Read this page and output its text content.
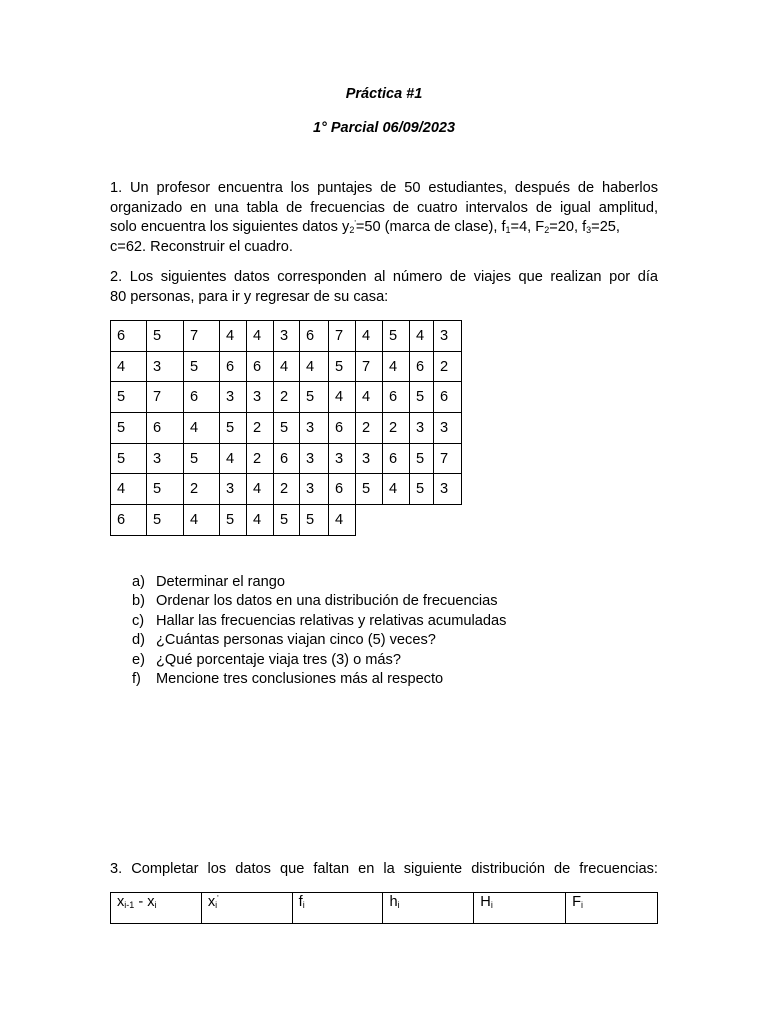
Práctica #1
1° Parcial 06/09/2023
1. Un profesor encuentra los puntajes de 50 estudiantes, después de haberlos
organizado en una tabla de frecuencias de cuatro intervalos de igual amplitud,
solo encuentra los siguientes datos $y_2'=50$ (marca de clase), $f_1=4$, $F_2=20$, $f_3=25$,
c=62. Reconstruir el cuadro.
2. Los siguientes datos corresponden al número de viajes que realizan por día
80 personas, para ir y regresar de su casa:
6	5	7	4	4	3	6	7	4	5	4	3
4	3	5	6	6	4	4	5	7	4	6	2
5	7	6	3	3	2	5	4	4	6	5	6
5	6	4	5	2	5	3	6	2	2	3	3
5	3	5	4	2	6	3	3	3	6	5	7
4	5	2	3	4	2	3	6	5	4	5	3
6	5	4	5	4	5	5	4				
a) Determinar el rango
b) Ordenar los datos en una distribución de frecuencias
c) Hallar las frecuencias relativas y relativas acumuladas
d) ¿Cuántas personas viajan cinco (5) veces?
e) ¿Qué porcentaje viaja tres (3) o más?
f)	Mencione tres conclusiones más al respecto
3. Completar los datos que faltan en la siguiente distribución de frecuencias:
$x_{i-1} - x_i$	$x_i'$	$f_i$	$h_i$	$H_i$	$F_i$
